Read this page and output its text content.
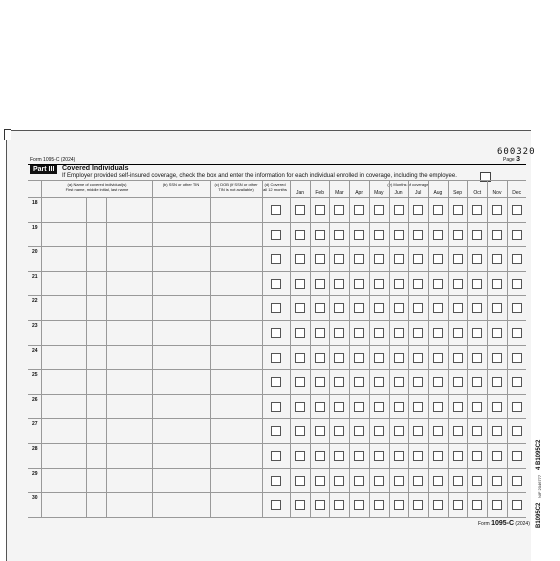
600320
Form 1095-C (2024)	Page 3
Part III	Covered Individuals
If Employer provided self-insured coverage, check the box and enter the information for each individual enrolled in coverage, including the employee.
(a) Name of covered individual(s)
First name, middle initial, last name
(b) SSN or other TIN	(c) DOB (if SSN or other
TIN is not available)
(d) Covered
all 12 months
(e) Months of coverage
Jan	Feb	Mar	Apr	May	Jun	Jul	Aug	Sep	Oct	Nov	Dec
18
19
20
21
22
23
24
25
26
27
28
29
30
Form 1095-C (2024)
4 B1095C2
N/F 2046777
B1095C2
